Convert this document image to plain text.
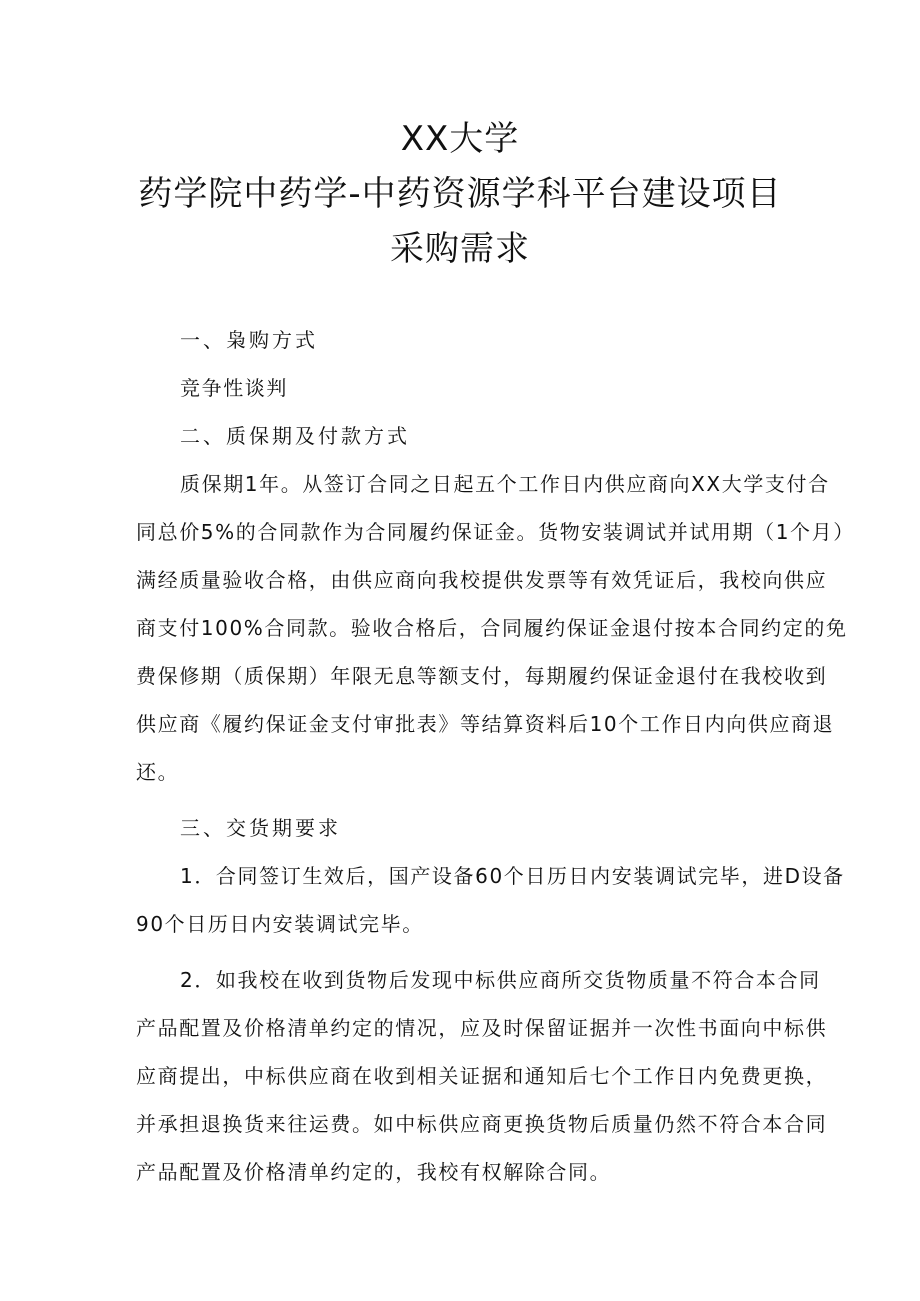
XX大学
药学院中药学-中药资源学科平台建设项目
采购需求
一、枭购方式
竞争性谈判
二、质保期及付款方式
质保期1年。从签订合同之日起五个工作日内供应商向XX大学支付合
同总价5%的合同款作为合同履约保证金。货物安装调试并试用期（1个月）
满经质量验收合格，由供应商向我校提供发票等有效凭证后，我校向供应
商支付100%合同款。验收合格后，合同履约保证金退付按本合同约定的免
费保修期（质保期）年限无息等额支付，每期履约保证金退付在我校收到
供应商《履约保证金支付审批表》等结算资料后10个工作日内向供应商退
还。
三、交货期要求
1．合同签订生效后，国产设备60个日历日内安装调试完毕，进D设备
90个日历日内安装调试完毕。
2．如我校在收到货物后发现中标供应商所交货物质量不符合本合同
产品配置及价格清单约定的情况，应及时保留证据并一次性书面向中标供
应商提出，中标供应商在收到相关证据和通知后七个工作日内免费更换，
并承担退换货来往运费。如中标供应商更换货物后质量仍然不符合本合同
产品配置及价格清单约定的，我校有权解除合同。
